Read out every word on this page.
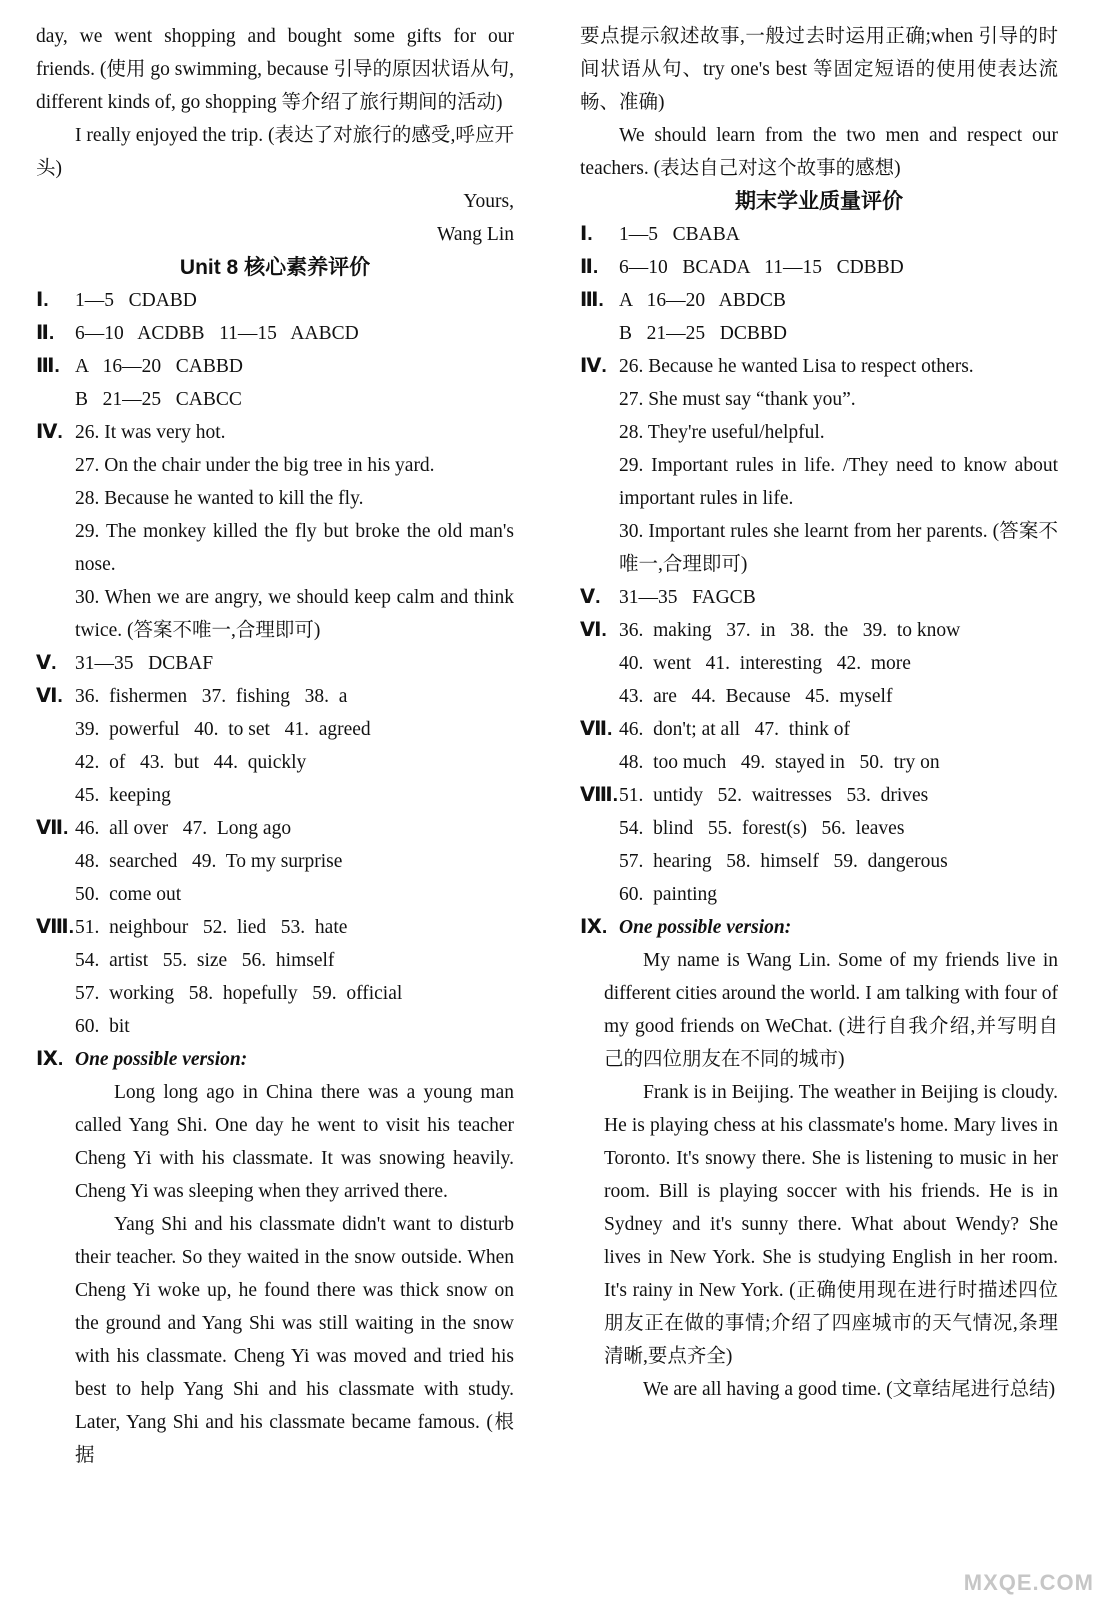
day, we went shopping and bought some gifts for our friends. (使用 go swimming, because 引导的原因状语从句, different kinds of, go shopping 等介绍了旅行期间的活动)
I really enjoyed the trip. (表达了对旅行的感受,呼应开头)
Yours,
Wang Lin
Unit 8 核心素养评价
Ⅰ.	1—5   CDABD
Ⅱ.	6—10   ACDBB   11—15   AABCD
Ⅲ. A   16—20   CABBD
B   21—25   CABCC
Ⅳ. 26. It was very hot.
27. On the chair under the big tree in his yard.
28. Because he wanted to kill the fly.
29. The monkey killed the fly but broke the old man's nose.
30. When we are angry, we should keep calm and think twice. (答案不唯一,合理即可)
Ⅴ. 31—35   DCBAF
Ⅵ. 36.  fishermen   37.  fishing   38.  a
39.  powerful   40.  to set   41.  agreed
42.  of   43.  but   44.  quickly
45.  keeping
Ⅶ. 46.  all over   47.  Long ago
48.  searched   49.  To my surprise
50.  come out
Ⅷ. 51.  neighbour   52.  lied   53.  hate
54.  artist   55.  size   56.  himself
57.  working   58.  hopefully   59.  official
60.  bit
Ⅸ. One possible version:
Long long ago in China there was a young man called Yang Shi. One day he went to visit his teacher Cheng Yi with his classmate. It was snowing heavily. Cheng Yi was sleeping when they arrived there.
Yang Shi and his classmate didn't want to disturb their teacher. So they waited in the snow outside. When Cheng Yi woke up, he found there was thick snow on the ground and Yang Shi was still waiting in the snow with his classmate. Cheng Yi was moved and tried his best to help Yang Shi and his classmate with study. Later, Yang Shi and his classmate became famous. (根据
要点提示叙述故事,一般过去时运用正确;when 引导的时间状语从句、try one's best 等固定短语的使用使表达流畅、准确)
We should learn from the two men and respect our teachers. (表达自己对这个故事的感想)
期末学业质量评价
Ⅰ.	1—5   CBABA
Ⅱ.	6—10   BCADA   11—15   CDBBD
Ⅲ. A   16—20   ABDCB
B   21—25   DCBBD
Ⅳ. 26. Because he wanted Lisa to respect others.
27. She must say “thank you”.
28. They're useful/helpful.
29. Important rules in life. /They need to know about important rules in life.
30. Important rules she learnt from her parents. (答案不唯一,合理即可)
Ⅴ. 31—35   FAGCB
Ⅵ. 36.  making   37.  in   38.  the   39.  to know
40.  went   41.  interesting   42.  more
43.  are   44.  Because   45.  myself
Ⅶ. 46.  don't; at all   47.  think of
48.  too much   49.  stayed in   50.  try on
Ⅷ. 51.  untidy   52.  waitresses   53.  drives
54.  blind   55.  forest(s)   56.  leaves
57.  hearing   58.  himself   59.  dangerous
60.  painting
Ⅸ. One possible version:
My name is Wang Lin. Some of my friends live in different cities around the world. I am talking with four of my good friends on WeChat. (进行自我介绍,并写明自己的四位朋友在不同的城市)
Frank is in Beijing. The weather in Beijing is cloudy. He is playing chess at his classmate's home. Mary lives in Toronto. It's snowy there. She is listening to music in her room. Bill is playing soccer with his friends. He is in Sydney and it's sunny there. What about Wendy? She lives in New York. She is studying English in her room. It's rainy in New York. (正确使用现在进行时描述四位朋友正在做的事情;介绍了四座城市的天气情况,条理清晰,要点齐全)
We are all having a good time. (文章结尾进行总结)
MXQE.COM
